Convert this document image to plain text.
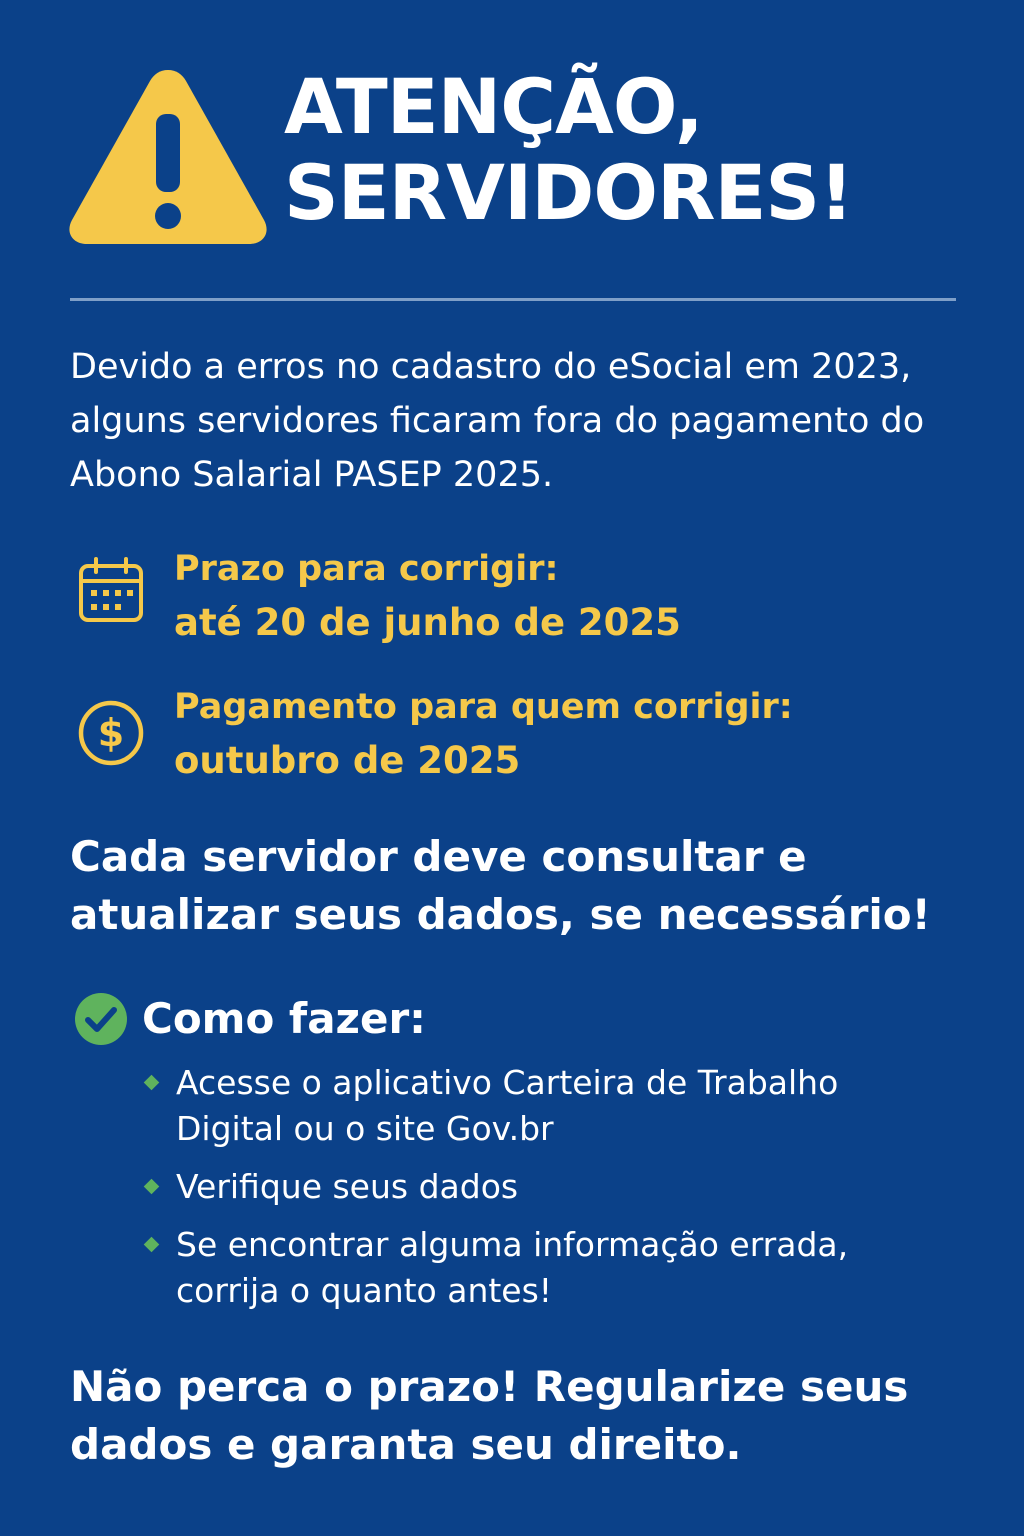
ATENÇÃO,
SERVIDORES!

Devido a erros no cadastro do eSocial em 2023, alguns servidores ficaram fora do pagamento do Abono Salarial PASEP 2025.

Prazo para corrigir:
até 20 de junho de 2025
$
Pagamento para quem corrigir:
outubro de 2025

Cada servidor deve consultar e atualizar seus dados, se necessário!

Como fazer:
Acesse o aplicativo Carteira de Trabalho Digital ou o site Gov.br
Verifique seus dados
Se encontrar alguma informação errada, corrija o quanto antes!

Não perca o prazo! Regularize seus dados e garanta seu direito.
